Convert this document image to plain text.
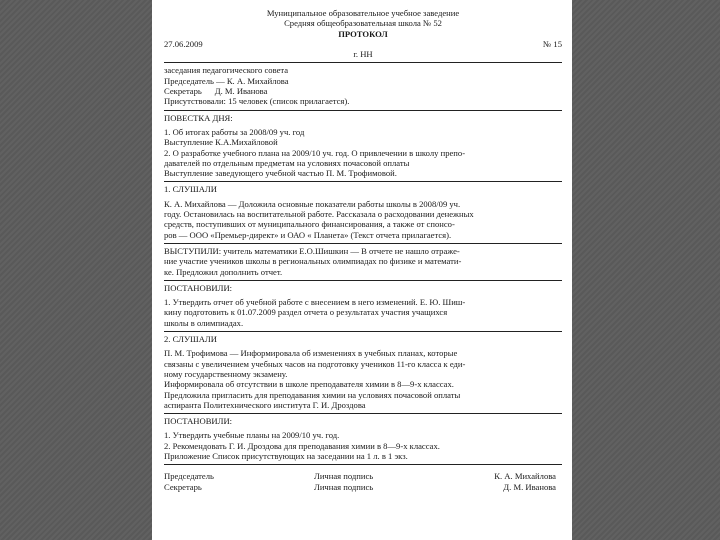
Муниципальное образовательное учебное заведение
Средняя общеобразовательная школа № 52
ПРОТОКОЛ
27.06.2009	№ 15
г. НН
заседания педагогического совета
Председатель — К. А. Михайлова
Секретарь      Д. М. Иванова
Присутствовали: 15 человек (список прилагается).
ПОВЕСТКА ДНЯ:
1. Об итогах работы за 2008/09 уч. год
Выступление К.А.Михайловой
2. О разработке учебного плана на 2009/10 уч. год. О привлечении в школу препо-
давателей по отдельным предметам на условиях почасовой оплаты
Выступление заведующего учебной частью П. М. Трофимовой.
1. СЛУШАЛИ
К. А. Михайлова — Доложила основные показатели работы школы в 2008/09 уч.
году. Остановилась на воспитательной работе. Рассказала о расходовании денежных
средств, поступивших от муниципального финансирования, а также от спонсо-
ров — ООО «Премьер-директ» и ОАО « Планета» (Текст отчета прилагается).
ВЫСТУПИЛИ: учитель математики Е.О.Шишкин — В отчете не нашло отраже-
ние участие учеников школы в региональных олимпиадах по физике и математи-
ке. Предложил дополнить отчет.
ПОСТАНОВИЛИ:
1. Утвердить отчет об учебной работе с внесением в него изменений. Е. Ю. Шиш-
кину подготовить к 01.07.2009 раздел отчета о результатах участия учащихся
школы в олимпиадах.
2. СЛУШАЛИ
П. М. Трофимова — Информировала об изменениях в учебных планах, которые
связаны с увеличением учебных часов на подготовку учеников 11-го класса к еди-
ному государственному экзамену.
Информировала об отсутствии в школе преподавателя химии в 8—9-х классах.
Предложила пригласить для преподавания химии на условиях почасовой оплаты
аспиранта Политехнического института Г. И. Дроздова
ПОСТАНОВИЛИ:
1. Утвердить учебные планы на 2009/10 уч. год.
2. Рекомендовать Г. И. Дроздова для преподавания химии в 8—9-х классах.
Приложение Список присутствующих на заседании на 1 л. в 1 экз.
Председатель	Личная подпись	К. А. Михайлова
Секретарь	Личная подпись	Д. М. Иванова
